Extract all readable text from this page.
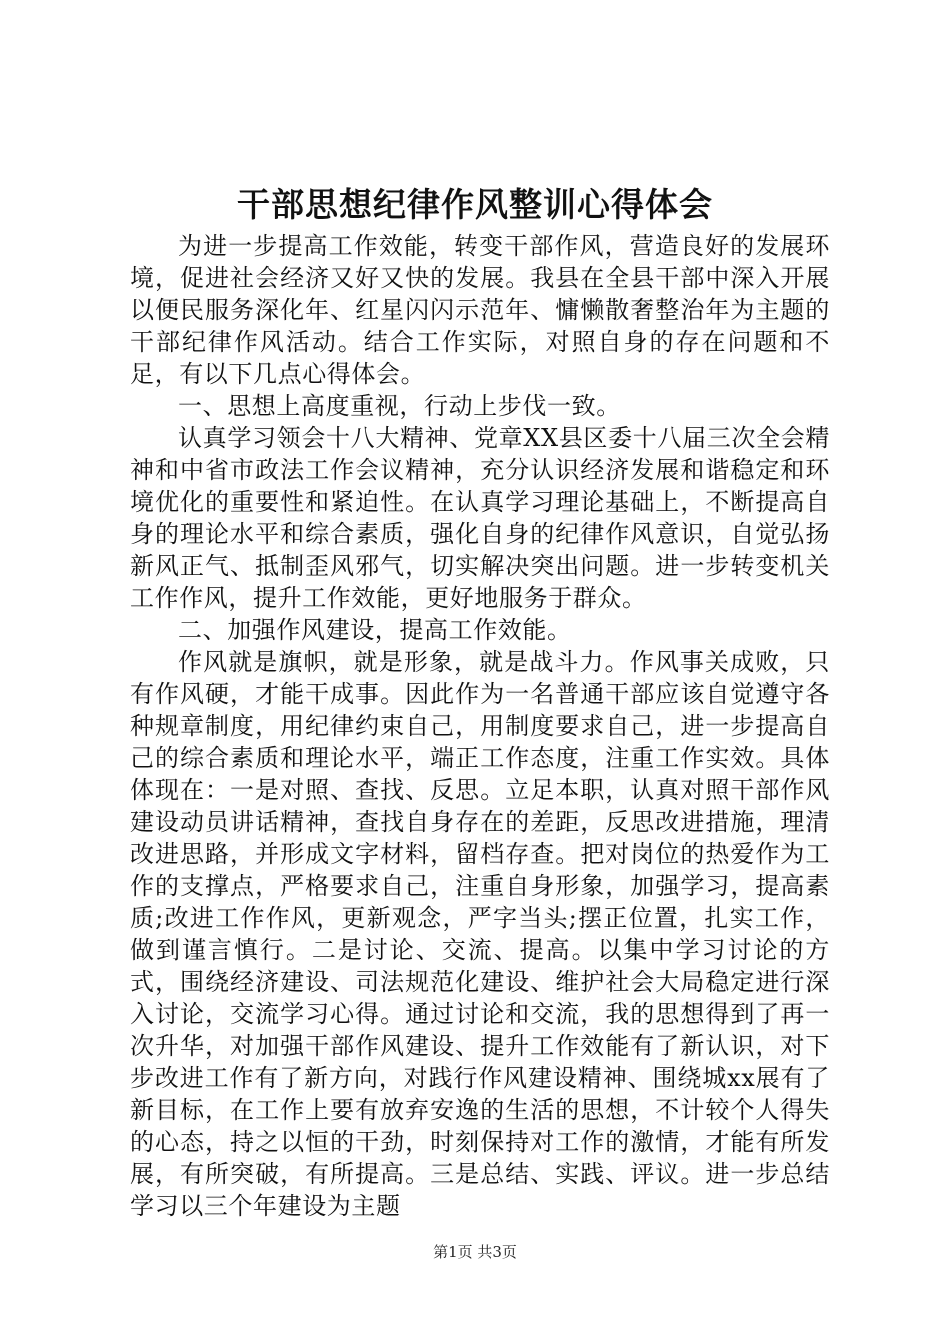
干部思想纪律作风整训心得体会

为进一步提高工作效能，转变干部作风，营造良好的发展环境，促进社会经济又好又快的发展。我县在全县干部中深入开展以便民服务深化年、红星闪闪示范年、慵懒散奢整治年为主题的干部纪律作风活动。结合工作实际，对照自身的存在问题和不足，有以下几点心得体会。

一、思想上高度重视，行动上步伐一致。

认真学习领会十八大精神、党章XX县区委十八届三次全会精神和中省市政法工作会议精神，充分认识经济发展和谐稳定和环境优化的重要性和紧迫性。在认真学习理论基础上，不断提高自身的理论水平和综合素质，强化自身的纪律作风意识，自觉弘扬新风正气、抵制歪风邪气，切实解决突出问题。进一步转变机关工作作风，提升工作效能，更好地服务于群众。

二、加强作风建设，提高工作效能。

作风就是旗帜，就是形象，就是战斗力。作风事关成败，只有作风硬，才能干成事。因此作为一名普通干部应该自觉遵守各种规章制度，用纪律约束自己，用制度要求自己，进一步提高自己的综合素质和理论水平，端正工作态度，注重工作实效。具体体现在：一是对照、查找、反思。立足本职，认真对照干部作风建设动员讲话精神，查找自身存在的差距，反思改进措施，理清改进思路，并形成文字材料，留档存查。把对岗位的热爱作为工作的支撑点，严格要求自己，注重自身形象，加强学习，提高素质;改进工作作风，更新观念，严字当头;摆正位置，扎实工作，做到谨言慎行。二是讨论、交流、提高。以集中学习讨论的方式，围绕经济建设、司法规范化建设、维护社会大局稳定进行深入讨论，交流学习心得。通过讨论和交流，我的思想得到了再一次升华，对加强干部作风建设、提升工作效能有了新认识，对下步改进工作有了新方向，对践行作风建设精神、围绕城xx展有了新目标，在工作上要有放弃安逸的生活的思想，不计较个人得失的心态，持之以恒的干劲，时刻保持对工作的激情，才能有所发展，有所突破，有所提高。三是总结、实践、评议。进一步总结学习以三个年建设为主题

第1页 共3页
